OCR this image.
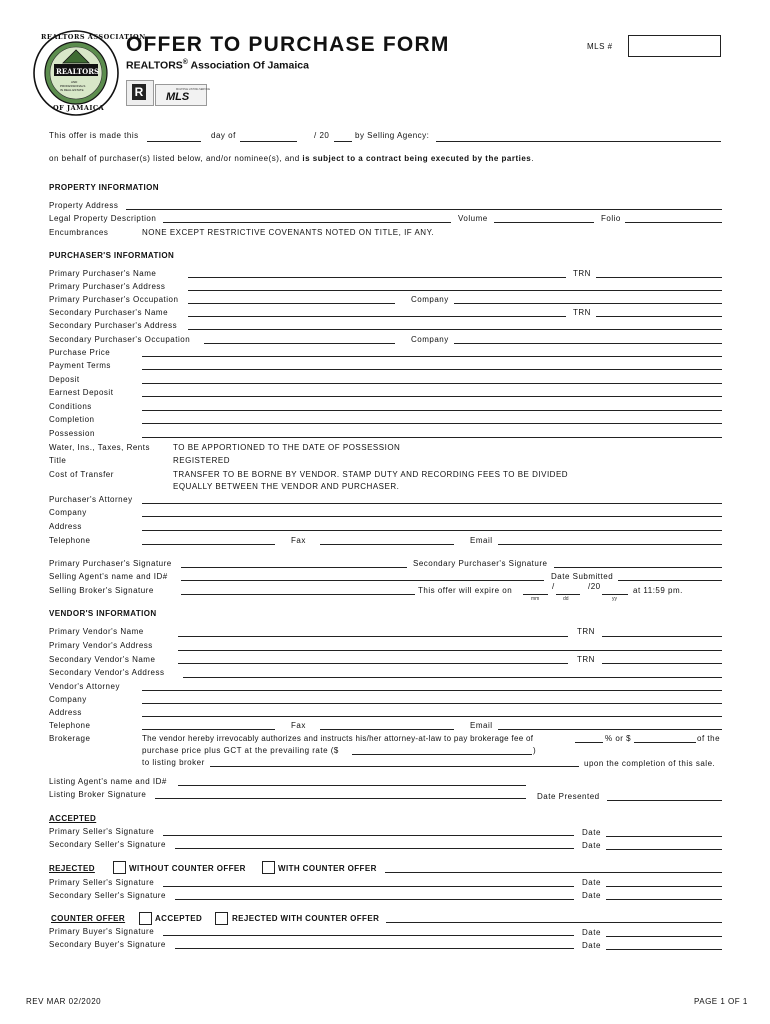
REALTORS ASSOCIATION
REALTORS
AND
PROFESSIONALS
IN REAL ESTATE
OF JAMAICA
OFFER TO PURCHASE FORM
REALTORS® Association Of Jamaica
R	MULTIPLE LISTING SERVICE
MLS
MLS #
This offer is made this	day of	/ 20	by Selling Agency:
on behalf of purchaser(s) listed below, and/or nominee(s), and is subject to a contract being executed by the parties.
PROPERTY INFORMATION
Property Address
Legal Property Description	Volume	Folio
Encumbrances	NONE EXCEPT RESTRICTIVE COVENANTS NOTED ON TITLE, IF ANY.
PURCHASER'S INFORMATION
Primary Purchaser's Name	TRN
Primary Purchaser's Address
Primary Purchaser's Occupation	Company
Secondary Purchaser's Name	TRN
Secondary Purchaser's Address
Secondary Purchaser's Occupation	Company
Purchase Price
Payment Terms
Deposit
Earnest Deposit
Conditions
Completion
Possession
Water, Ins., Taxes, Rents	TO BE APPORTIONED TO THE DATE OF POSSESSION
Title	REGISTERED
Cost of Transfer	TRANSFER TO BE BORNE BY VENDOR. STAMP DUTY AND RECORDING FEES TO BE DIVIDED
EQUALLY BETWEEN THE VENDOR AND PURCHASER.
Purchaser's Attorney
Company
Address
Telephone	Fax	Email
Primary Purchaser's Signature	Secondary Purchaser's Signature
Selling Agent's name and ID#	Date Submitted
Selling Broker's Signature	This offer will expire on	/	/20	at 11:59 pm.
mm	dd	yy
VENDOR'S INFORMATION
Primary Vendor's Name	TRN
Primary Vendor's Address
Secondary Vendor's Name	TRN
Secondary Vendor's Address
Vendor's Attorney
Company
Address
Telephone	Fax	Email
Brokerage	The vendor hereby irrevocably authorizes and instructs his/her attorney-at-law to pay brokerage fee of	% or $	of the
purchase price plus GCT at the prevailing rate ($	)
to listing broker	upon the completion of this sale.
Listing Agent's name and ID#
Listing Broker Signature	Date Presented
ACCEPTED
Primary Seller's Signature	Date
Secondary Seller's Signature	Date
REJECTED	WITHOUT COUNTER OFFER	WITH COUNTER OFFER
Primary Seller's Signature	Date
Secondary Seller's Signature	Date
COUNTER OFFER	ACCEPTED	REJECTED WITH COUNTER OFFER
Primary Buyer's Signature	Date
Secondary Buyer's Signature	Date
REV MAR 02/2020	PAGE 1 OF 1
